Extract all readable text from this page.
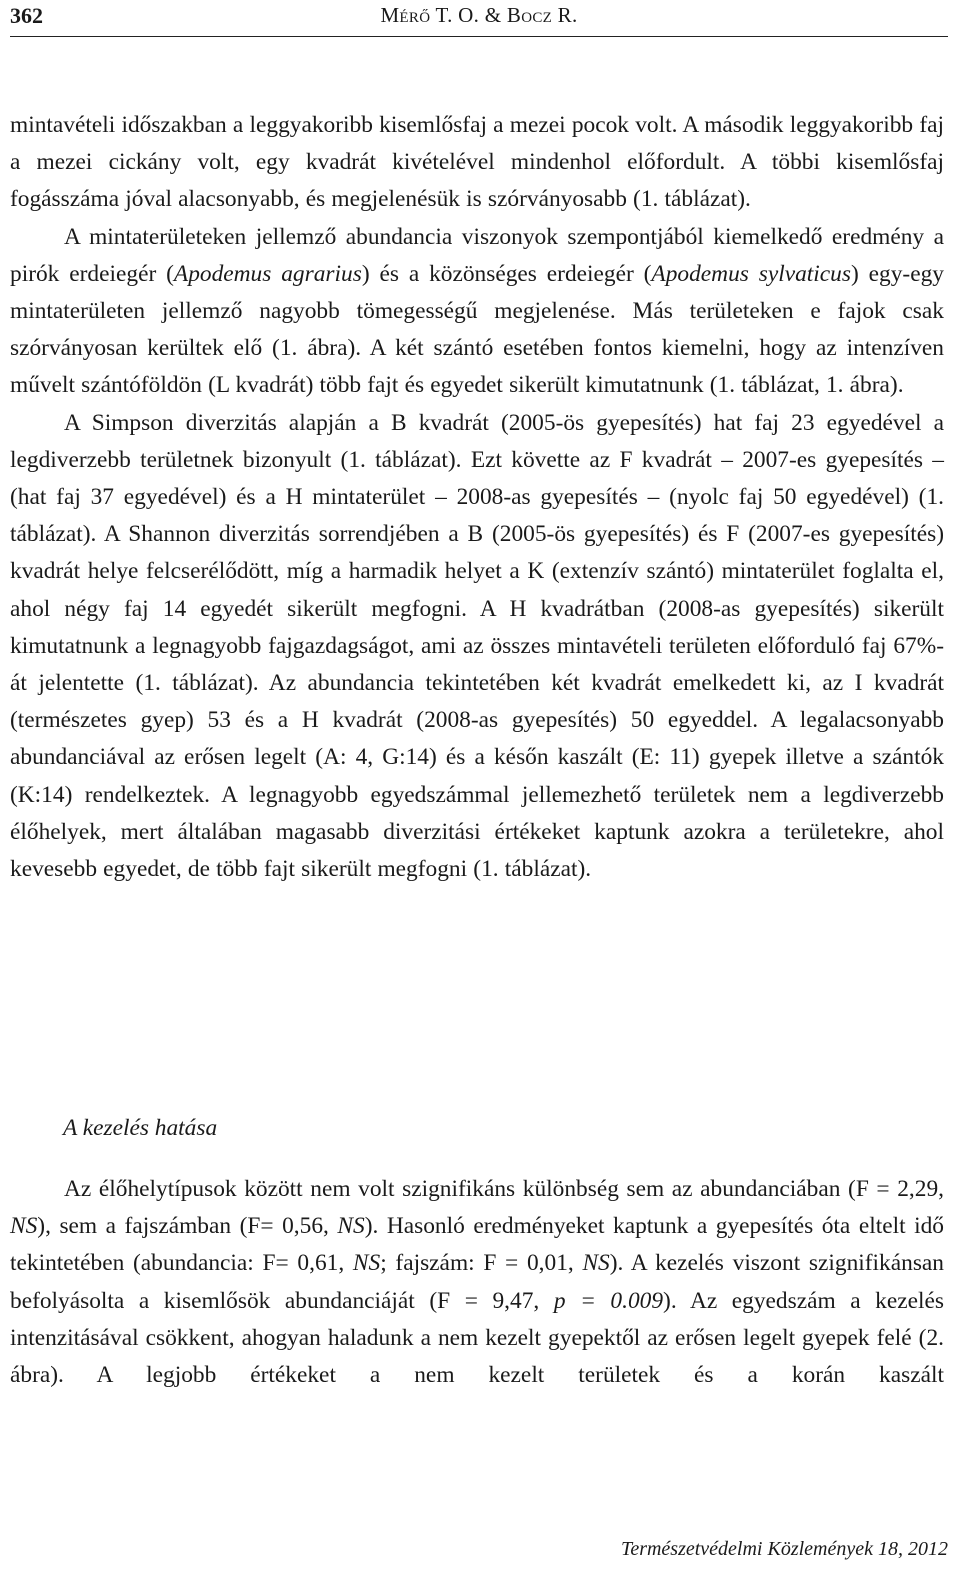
362	Mérő T. O. & Bocz R.

mintavételi időszakban a leggyakoribb kisemlősfaj a mezei pocok volt. A második leggyakoribb faj a mezei cickány volt, egy kvadrát kivételével mindenhol előfordult. A többi kisemlősfaj fogásszáma jóval alacsonyabb, és megjelenésük is szórványosabb (1. táblázat).

A mintaterületeken jellemző abundancia viszonyok szempontjából kiemelkedő eredmény a pirók erdeiegér (Apodemus agrarius) és a közönséges erdeiegér (Apodemus sylvaticus) egy-egy mintaterületen jellemző nagyobb tömegességű megjelenése. Más területeken e fajok csak szórványosan kerültek elő (1. ábra). A két szántó esetében fontos kiemelni, hogy az intenzíven művelt szántóföldön (L kvadrát) több fajt és egyedet sikerült kimutatnunk (1. táblázat, 1. ábra).

A Simpson diverzitás alapján a B kvadrát (2005-ös gyepesítés) hat faj 23 egyedével a legdiverzebb területnek bizonyult (1. táblázat). Ezt követte az F kvadrát – 2007-es gyepesítés – (hat faj 37 egyedével) és a H mintaterület – 2008-as gyepesítés – (nyolc faj 50 egyedével) (1. táblázat). A Shannon diverzitás sorrendjében a B (2005-ös gyepesítés) és F (2007-es gyepesítés) kvadrát helye felcserélődött, míg a harmadik helyet a K (extenzív szántó) mintaterület foglalta el, ahol négy faj 14 egyedét sikerült megfogni. A H kvadrátban (2008-as gyepesítés) sikerült kimutatnunk a legnagyobb fajgazdagságot, ami az összes mintavételi területen előforduló faj 67%-át jelentette (1. táblázat). Az abundancia tekintetében két kvadrát emelkedett ki, az I kvadrát (természetes gyep) 53 és a H kvadrát (2008-as gyepesítés) 50 egyeddel. A legalacsonyabb abundanciával az erősen legelt (A: 4, G:14) és a későn kaszált (E: 11) gyepek illetve a szántók (K:14) rendelkeztek. A legnagyobb egyedszámmal jellemezhető területek nem a legdiverzebb élőhelyek, mert általában magasabb diverzitási értékeket kaptunk azokra a területekre, ahol kevesebb egyedet, de több fajt sikerült megfogni (1. táblázat).

A kezelés hatása

Az élőhelytípusok között nem volt szignifikáns különbség sem az abundanciában (F = 2,29, NS), sem a fajszámban (F= 0,56, NS). Hasonló eredményeket kaptunk a gyepesítés óta eltelt idő tekintetében (abundancia: F= 0,61, NS; fajszám: F = 0,01, NS). A kezelés viszont szignifikánsan befolyásolta a kisemlősök abundanciáját (F = 9,47, p = 0.009). Az egyedszám a kezelés intenzitásával csökkent, ahogyan haladunk a nem kezelt gyepektől az erősen legelt gyepek felé (2. ábra). A legjobb értékeket a nem kezelt területek és a korán kaszált

Természetvédelmi Közlemények 18, 2012
